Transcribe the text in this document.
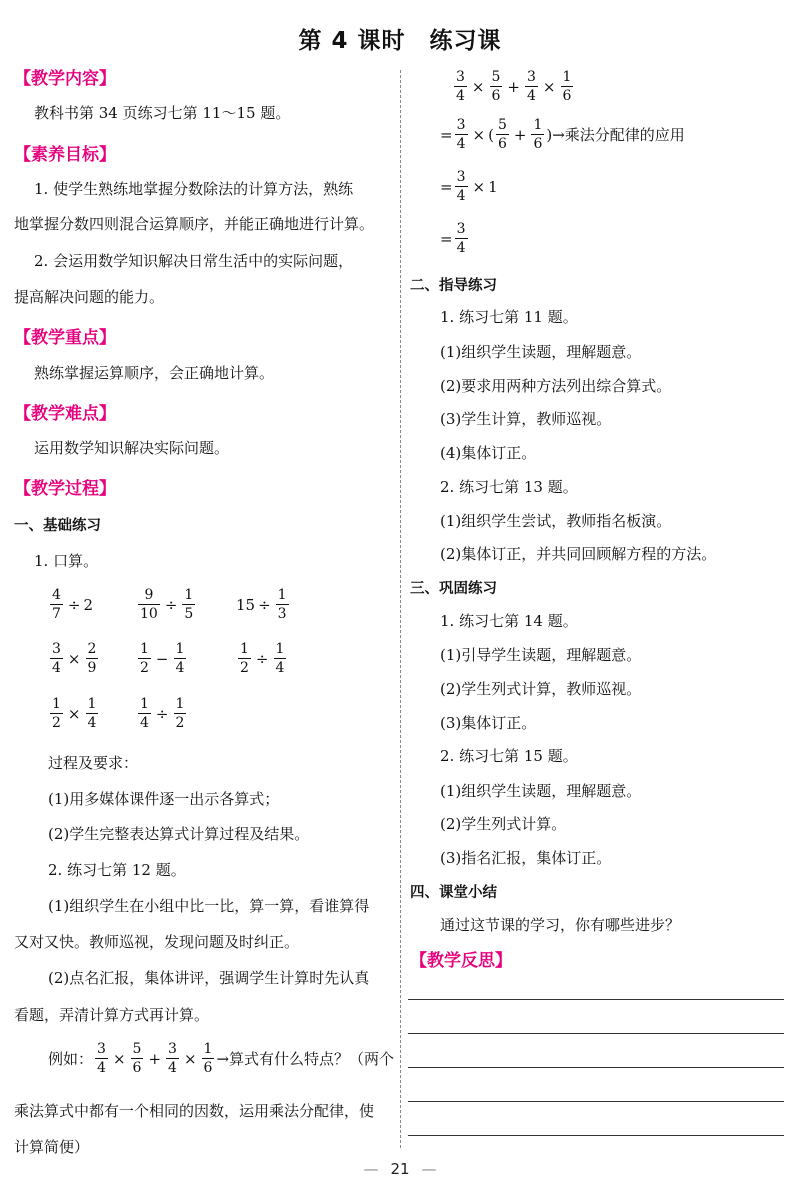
第 4 课时 练习课
【教学内容】
教科书第 34 页练习七第 11～15 题。
【素养目标】
1. 使学生熟练地掌握分数除法的计算方法，熟练
地掌握分数四则混合运算顺序，并能正确地进行计算。
2. 会运用数学知识解决日常生活中的实际问题，
提高解决问题的能力。
【教学重点】
熟练掌握运算顺序，会正确地计算。
【教学难点】
运用数学知识解决实际问题。
【教学过程】
一、基础练习
1. 口算。
$\frac{4}{7} \div 2$	$\frac{9}{10} \div \frac{1}{5}$	$15 \div \frac{1}{3}$
$\frac{3}{4} \times \frac{2}{9}$	$\frac{1}{2} - \frac{1}{4}$	$\frac{1}{2} \div \frac{1}{4}$
$\frac{1}{2} \times \frac{1}{4}$	$\frac{1}{4} \div \frac{1}{2}$
过程及要求：
(1)用多媒体课件逐一出示各算式；
(2)学生完整表达算式计算过程及结果。
2. 练习七第 12 题。
(1)组织学生在小组中比一比，算一算，看谁算得
又对又快。教师巡视，发现问题及时纠正。
(2)点名汇报，集体讲评，强调学生计算时先认真
看题，弄清计算方式再计算。
例如： $\frac{3}{4} \times \frac{5}{6} + \frac{3}{4} \times \frac{1}{6}$ → 算式有什么特点？（两个
乘法算式中都有一个相同的因数，运用乘法分配律，使
计算简便）
$\frac{3}{4} \times \frac{5}{6} + \frac{3}{4} \times \frac{1}{6}$
= $\frac{3}{4}$ × ( $\frac{5}{6} + \frac{1}{6}$ ) → 乘法分配律的应用
= $\frac{3}{4} \times 1$
= $\frac{3}{4}$
二、指导练习
1. 练习七第 11 题。
(1)组织学生读题，理解题意。
(2)要求用两种方法列出综合算式。
(3)学生计算，教师巡视。
(4)集体订正。
2. 练习七第 13 题。
(1)组织学生尝试，教师指名板演。
(2)集体订正，并共同回顾解方程的方法。
三、巩固练习
1. 练习七第 14 题。
(1)引导学生读题，理解题意。
(2)学生列式计算，教师巡视。
(3)集体订正。
2. 练习七第 15 题。
(1)组织学生读题，理解题意。
(2)学生列式计算。
(3)指名汇报，集体订正。
四、课堂小结
通过这节课的学习，你有哪些进步？
【教学反思】
— 21 —
